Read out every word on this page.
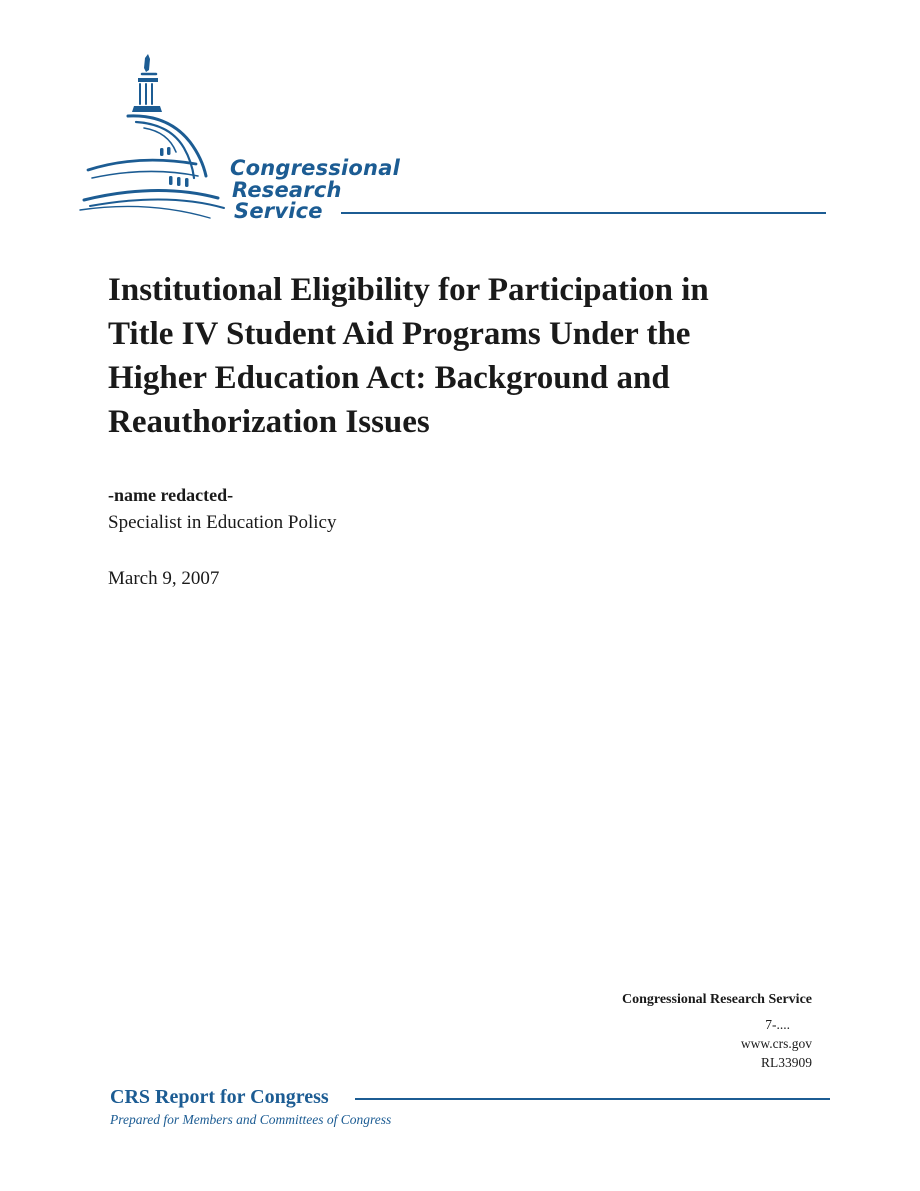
Congressional
Research
Service
Institutional Eligibility for Participation in
Title IV Student Aid Programs Under the
Higher Education Act: Background and
Reauthorization Issues
-name redacted-
Specialist in Education Policy
March 9, 2007
Congressional Research Service
7-....
www.crs.gov
RL33909
CRS Report for Congress
Prepared for Members and Committees of Congress
